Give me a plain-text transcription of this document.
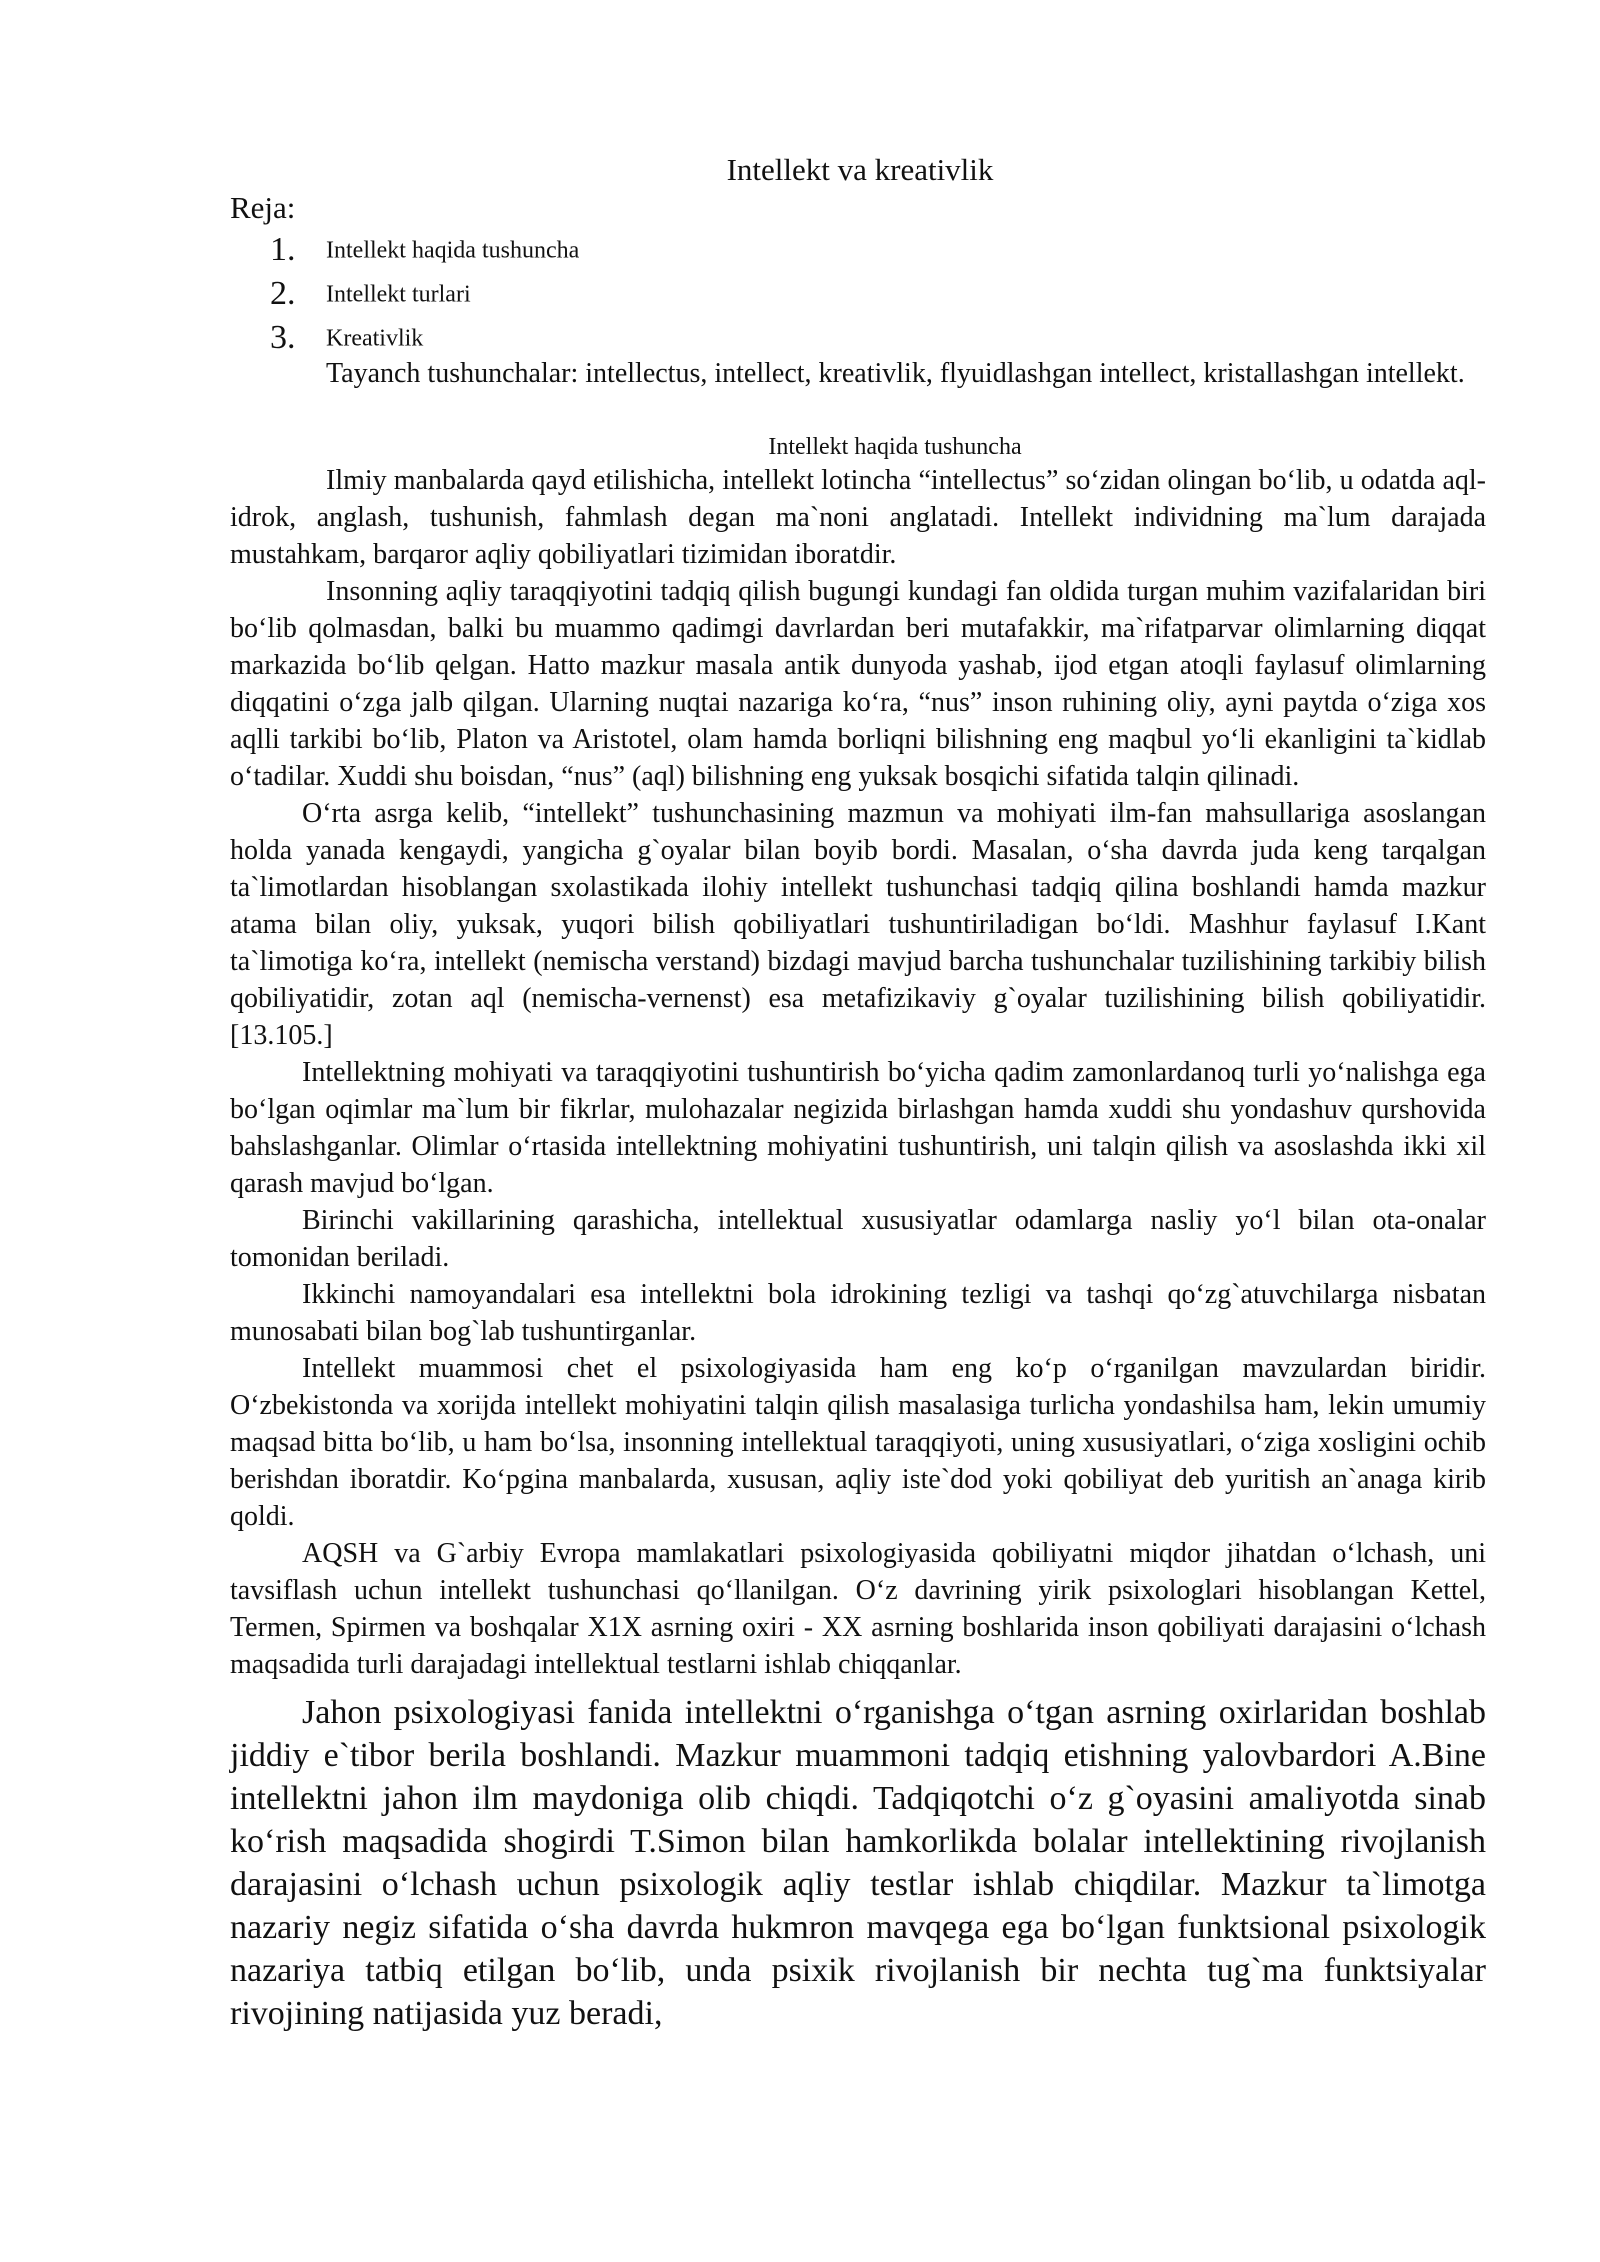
Intellekt va kreativlik
Reja:
1. Intellekt haqida tushuncha
2. Intellekt turlari
3. Kreativlik
Tayanch tushunchalar: intellectus, intellect, kreativlik, flyuidlashgan intellect, kristallashgan intellekt.
Intellekt haqida tushuncha

Ilmiy manbalarda qayd etilishicha, intellekt lotincha “intellectus” so‘zidan olingan bo‘lib, u odatda aql-idrok, anglash, tushunish, fahmlash degan ma`noni anglatadi. Intellekt individning ma`lum darajada mustahkam, barqaror aqliy qobiliyatlari tizimidan iboratdir.

Insonning aqliy taraqqiyotini tadqiq qilish bugungi kundagi fan oldida turgan muhim vazifalaridan biri bo‘lib qolmasdan, balki bu muammo qadimgi davrlardan beri mutafakkir, ma`rifatparvar olimlarning diqqat markazida bo‘lib qelgan. Hatto mazkur masala antik dunyoda yashab, ijod etgan atoqli faylasuf olimlarning diqqatini o‘zga jalb qilgan. Ularning nuqtai nazariga ko‘ra, “nus” inson ruhining oliy, ayni paytda o‘ziga xos aqlli tarkibi bo‘lib, Platon va Aristotel, olam hamda borliqni bilishning eng maqbul yo‘li ekanligini ta`kidlab o‘tadilar. Xuddi shu boisdan, “nus” (aql) bilishning eng yuksak bosqichi sifatida talqin qilinadi.

O‘rta asrga kelib, “intellekt” tushunchasining mazmun va mohiyati ilm-fan mahsullariga asoslangan holda yanada kengaydi, yangicha g`oyalar bilan boyib bordi. Masalan, o‘sha davrda juda keng tarqalgan ta`limotlardan hisoblangan sxolastikada ilohiy intellekt tushunchasi tadqiq qilina boshlandi hamda mazkur atama bilan oliy, yuksak, yuqori bilish qobiliyatlari tushuntiriladigan bo‘ldi. Mashhur faylasuf I.Kant ta`limotiga ko‘ra, intellekt (nemischa verstand) bizdagi mavjud barcha tushunchalar tuzilishining tarkibiy bilish qobiliyatidir, zotan aql (nemischa-vernenst) esa metafizikaviy g`oyalar tuzilishining bilish qobiliyatidir.[13.105.]

Intellektning mohiyati va taraqqiyotini tushuntirish bo‘yicha qadim zamonlardanoq turli yo‘nalishga ega bo‘lgan oqimlar ma`lum bir fikrlar, mulohazalar negizida birlashgan hamda xuddi shu yondashuv qurshovida bahslashganlar. Olimlar o‘rtasida intellektning mohiyatini tushuntirish, uni talqin qilish va asoslashda ikki xil qarash mavjud bo‘lgan.

Birinchi vakillarining qarashicha, intellektual xususiyatlar odamlarga nasliy yo‘l bilan ota-onalar tomonidan beriladi.

Ikkinchi namoyandalari esa intellektni bola idrokining tezligi va tashqi qo‘zg`atuvchilarga nisbatan munosabati bilan bog`lab tushuntirganlar.

Intellekt muammosi chet el psixologiyasida ham eng ko‘p o‘rganilgan mavzulardan biridir. O‘zbekistonda va xorijda intellekt mohiyatini talqin qilish masalasiga turlicha yondashilsa ham, lekin umumiy maqsad bitta bo‘lib, u ham bo‘lsa, insonning intellektual taraqqiyoti, uning xususiyatlari, o‘ziga xosligini ochib berishdan iboratdir. Ko‘pgina manbalarda, xususan, aqliy iste`dod yoki qobiliyat deb yuritish an`anaga kirib qoldi.

AQSH va G`arbiy Evropa mamlakatlari psixologiyasida qobiliyatni miqdor jihatdan o‘lchash, uni tavsiflash uchun intellekt tushunchasi qo‘llanilgan. O‘z davrining yirik psixologlari hisoblangan Kettel, Termen, Spirmen va boshqalar X1X asrning oxiri - XX asrning boshlarida inson qobiliyati darajasini o‘lchash maqsadida turli darajadagi intellektual testlarni ishlab chiqqanlar.

Jahon psixologiyasi fanida intellektni o‘rganishga o‘tgan asrning oxirlaridan boshlab jiddiy e`tibor berila boshlandi. Mazkur muammoni tadqiq etishning yalovbardori A.Bine intellektni jahon ilm maydoniga olib chiqdi. Tadqiqotchi o‘z g`oyasini amaliyotda sinab ko‘rish maqsadida shogirdi T.Simon bilan hamkorlikda bolalar intellektining rivojlanish darajasini o‘lchash uchun psixologik aqliy testlar ishlab chiqdilar. Mazkur ta`limotga nazariy negiz sifatida o‘sha davrda hukmron mavqega ega bo‘lgan funktsional psixologik nazariya tatbiq etilgan bo‘lib, unda psixik rivojlanish bir nechta tug`ma funktsiyalar rivojining natijasida yuz beradi,
